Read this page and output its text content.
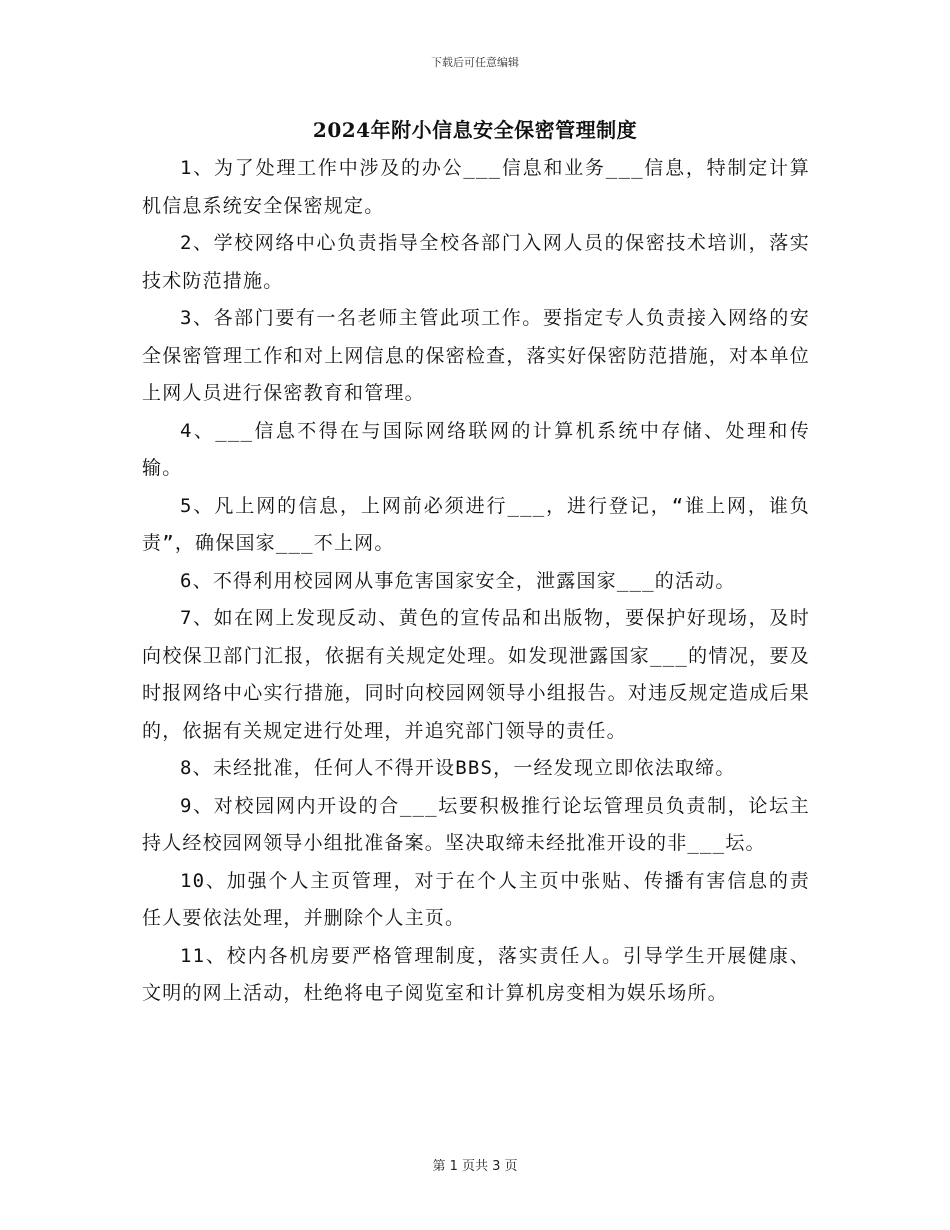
下载后可任意编辑
2024年附小信息安全保密管理制度

1、为了处理工作中涉及的办公___信息和业务___信息，特制定计算机信息系统安全保密规定。

2、学校网络中心负责指导全校各部门入网人员的保密技术培训，落实技术防范措施。

3、各部门要有一名老师主管此项工作。要指定专人负责接入网络的安全保密管理工作和对上网信息的保密检查，落实好保密防范措施，对本单位上网人员进行保密教育和管理。

4、___信息不得在与国际网络联网的计算机系统中存储、处理和传输。

5、凡上网的信息，上网前必须进行___，进行登记，“谁上网，谁负责”，确保国家___不上网。

6、不得利用校园网从事危害国家安全，泄露国家___的活动。

7、如在网上发现反动、黄色的宣传品和出版物，要保护好现场，及时向校保卫部门汇报，依据有关规定处理。如发现泄露国家___的情况，要及时报网络中心实行措施，同时向校园网领导小组报告。对违反规定造成后果的，依据有关规定进行处理，并追究部门领导的责任。

8、未经批准，任何人不得开设BBS，一经发现立即依法取缔。

9、对校园网内开设的合___坛要积极推行论坛管理员负责制，论坛主持人经校园网领导小组批准备案。坚决取缔未经批准开设的非___坛。

10、加强个人主页管理，对于在个人主页中张贴、传播有害信息的责任人要依法处理，并删除个人主页。

11、校内各机房要严格管理制度，落实责任人。引导学生开展健康、文明的网上活动，杜绝将电子阅览室和计算机房变相为娱乐场所。

第 1 页共 3 页
